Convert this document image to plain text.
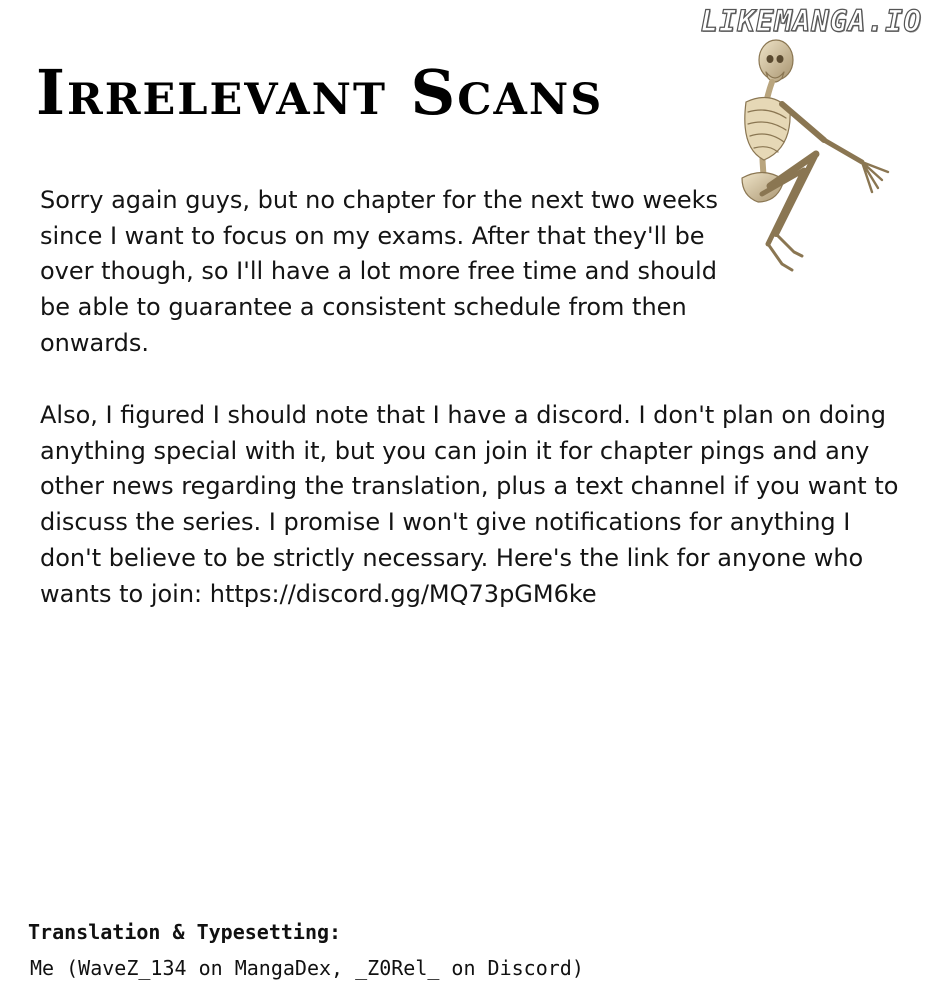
LIKEMANGA.IO
Irrelevant Scans

Sorry again guys, but no chapter for the next two weeks since I want to focus on my exams. After that they'll be over though, so I'll have a lot more free time and should be able to guarantee a consistent schedule from then onwards.

Also, I figured I should note that I have a discord. I don't plan on doing anything special with it, but you can join it for chapter pings and any other news regarding the translation, plus a text channel if you want to discuss the series. I promise I won't give notifications for anything I don't believe to be strictly necessary. Here's the link for anyone who wants to join: https://discord.gg/MQ73pGM6ke

Translation & Typesetting:
Me (WaveZ_134 on MangaDex, _Z0Rel_ on Discord)
